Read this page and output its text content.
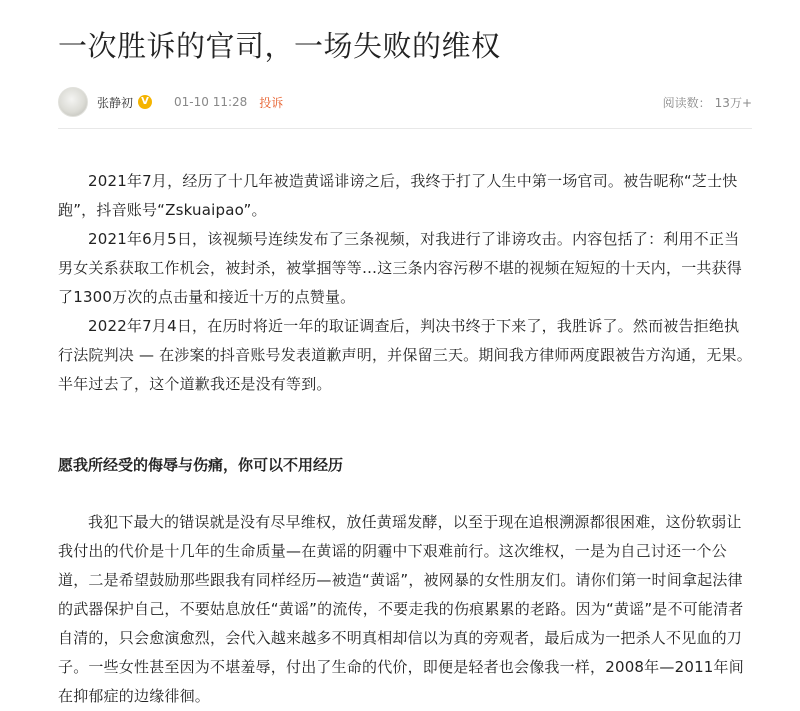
一次胜诉的官司，一场失败的维权
张静初 V 01-10 11:28 投诉	阅读数： 13万+

2021年7月，经历了十几年被造黄谣诽谤之后，我终于打了人生中第一场官司。被告昵称“芝士快跑”，抖音账号“Zskuaipao”。

2021年6月5日，该视频号连续发布了三条视频，对我进行了诽谤攻击。内容包括了：利用不正当男女关系获取工作机会，被封杀，被掌掴等等…这三条内容污秽不堪的视频在短短的十天内，一共获得了1300万次的点击量和接近十万的点赞量。

2022年7月4日，在历时将近一年的取证调查后，判决书终于下来了，我胜诉了。然而被告拒绝执行法院判决 — 在涉案的抖音账号发表道歉声明，并保留三天。期间我方律师两度跟被告方沟通，无果。半年过去了，这个道歉我还是没有等到。

愿我所经受的侮辱与伤痛，你可以不用经历

我犯下最大的错误就是没有尽早维权，放任黄瑶发酵，以至于现在追根溯源都很困难，这份软弱让我付出的代价是十几年的生命质量—在黄谣的阴霾中下艰难前行。这次维权，一是为自己讨还一个公道，二是希望鼓励那些跟我有同样经历—被造“黄谣”，被网暴的女性朋友们。请你们第一时间拿起法律的武器保护自己，不要姑息放任“黄谣”的流传，不要走我的伤痕累累的老路。因为“黄谣”是不可能清者自清的，只会愈演愈烈，会代入越来越多不明真相却信以为真的旁观者，最后成为一把杀人不见血的刀子。一些女性甚至因为不堪羞辱，付出了生命的代价，即便是轻者也会像我一样，2008年—2011年间在抑郁症的边缘徘徊。
